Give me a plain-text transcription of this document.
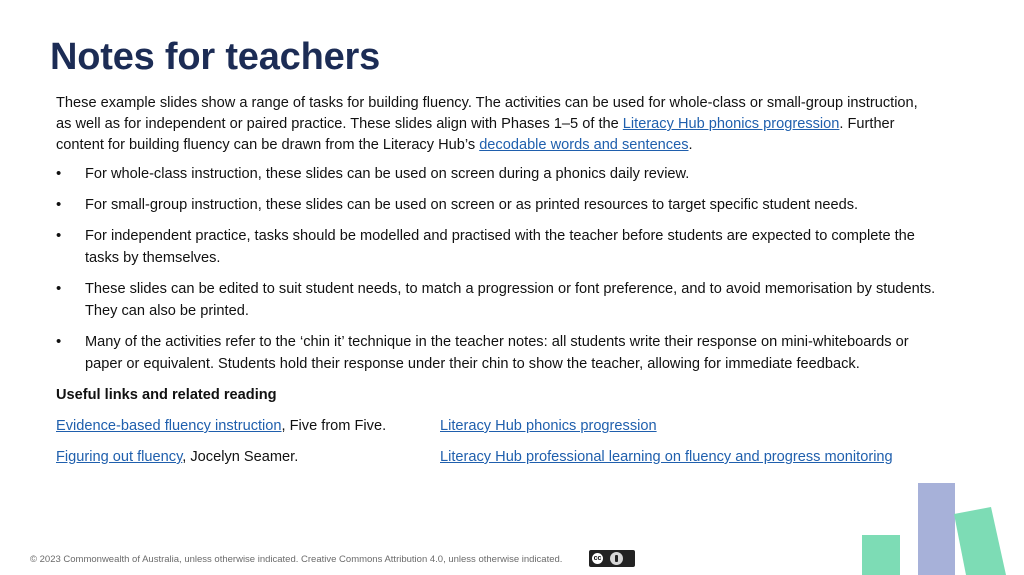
Notes for teachers

These example slides show a range of tasks for building fluency. The activities can be used for whole-class or small-group instruction, as well as for independent or paired practice. These slides align with Phases 1–5 of the Literacy Hub phonics progression. Further content for building fluency can be drawn from the Literacy Hub’s decodable words and sentences.

• For whole-class instruction, these slides can be used on screen during a phonics daily review.
• For small-group instruction, these slides can be used on screen or as printed resources to target specific student needs.
• For independent practice, tasks should be modelled and practised with the teacher before students are expected to complete the tasks by themselves.
• These slides can be edited to suit student needs, to match a progression or font preference, and to avoid memorisation by students. They can also be printed.
• Many of the activities refer to the ‘chin it’ technique in the teacher notes: all students write their response on mini-whiteboards or paper or equivalent. Students hold their response under their chin to show the teacher, allowing for immediate feedback.
Useful links and related reading
Evidence-based fluency instruction, Five from Five.	Literacy Hub phonics progression
Figuring out fluency, Jocelyn Seamer.	Literacy Hub professional learning on fluency and progress monitoring
© 2023 Commonwealth of Australia, unless otherwise indicated. Creative Commons Attribution 4.0, unless otherwise indicated.	cc
